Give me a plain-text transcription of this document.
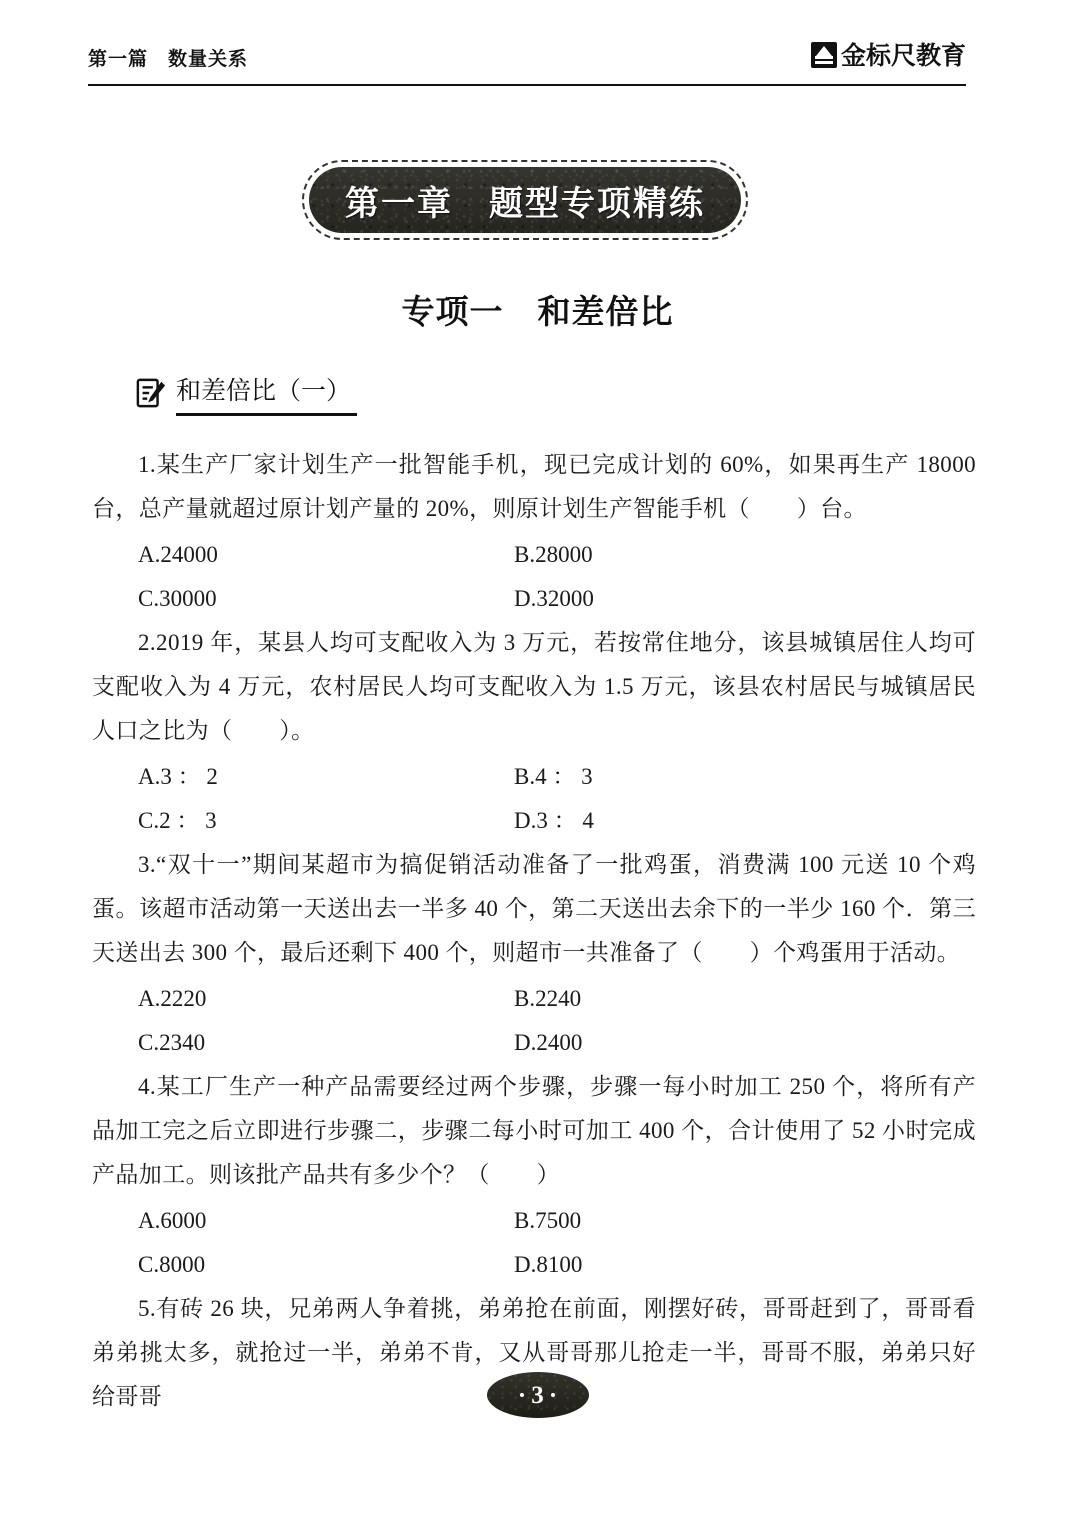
第一篇　数量关系	金标尺教育
第一章　题型专项精练
专项一　和差倍比
和差倍比（一）

1.某生产厂家计划生产一批智能手机，现已完成计划的 60%，如果再生产 18000 台，总产量就超过原计划产量的 20%，则原计划生产智能手机（　　）台。

A.24000	B.28000
C.30000	D.32000

2.2019 年，某县人均可支配收入为 3 万元，若按常住地分，该县城镇居住人均可支配收入为 4 万元，农村居民人均可支配收入为 1.5 万元，该县农村居民与城镇居民人口之比为（　　）。

A.3 ： 2	B.4 ： 3
C.2 ： 3	D.3 ： 4

3.“双十一”期间某超市为搞促销活动准备了一批鸡蛋，消费满 100 元送 10 个鸡蛋。该超市活动第一天送出去一半多 40 个，第二天送出去余下的一半少 160 个．第三天送出去 300 个，最后还剩下 400 个，则超市一共准备了（　　）个鸡蛋用于活动。

A.2220	B.2240
C.2340	D.2400

4.某工厂生产一种产品需要经过两个步骤，步骤一每小时加工 250 个，将所有产品加工完之后立即进行步骤二，步骤二每小时可加工 400 个，合计使用了 52 小时完成产品加工。则该批产品共有多少个？（　　）

A.6000	B.7500
C.8000	D.8100

5.有砖 26 块，兄弟两人争着挑，弟弟抢在前面，刚摆好砖，哥哥赶到了，哥哥看弟弟挑太多，就抢过一半，弟弟不肯，又从哥哥那儿抢走一半，哥哥不服，弟弟只好给哥哥	3
